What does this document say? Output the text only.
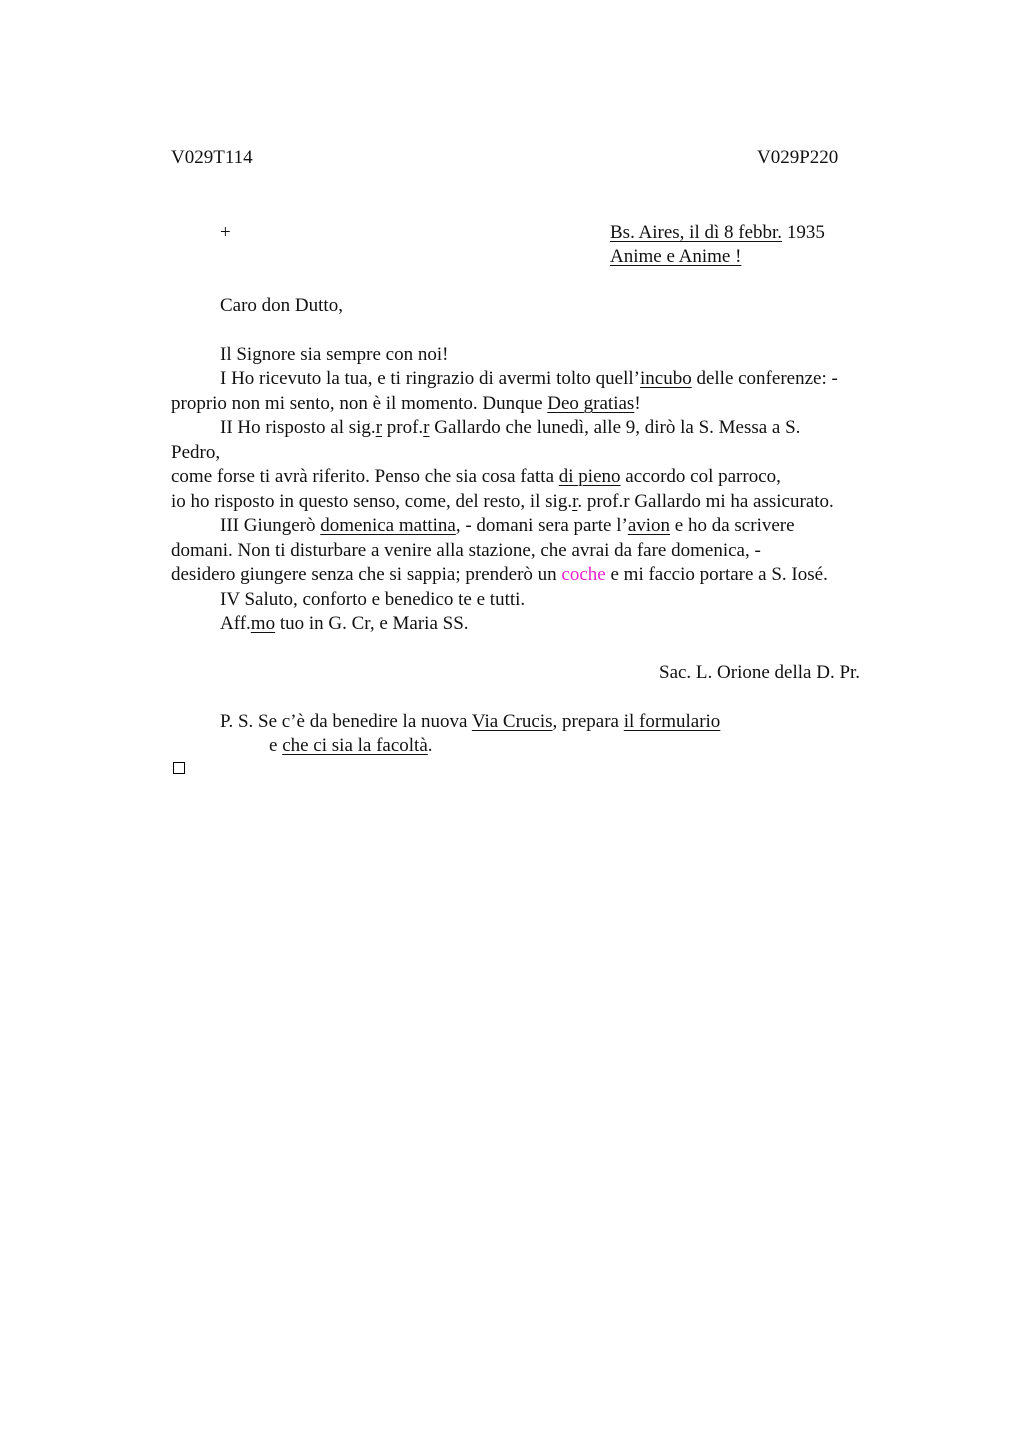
V029T114	V029P220
+	Bs. Aires, il dì 8 febbr. 1935
Anime e Anime !
Caro don Dutto,
Il Signore sia sempre con noi!
I Ho ricevuto la tua, e ti ringrazio di avermi tolto quell’incubo delle conferenze: -
proprio non mi sento, non è il momento. Dunque Deo gratias!
II Ho risposto al sig.r prof.r Gallardo che lunedì, alle 9, dirò la S. Messa a S.
Pedro,
come forse ti avrà riferito. Penso che sia cosa fatta di pieno accordo col parroco,
io ho risposto in questo senso, come, del resto, il sig.r. prof.r Gallardo mi ha assicurato.
III Giungerò domenica mattina, - domani sera parte l’avion e ho da scrivere
domani. Non ti disturbare a venire alla stazione, che avrai da fare domenica, -
desidero giungere senza che si sappia; prenderò un coche e mi faccio portare a S. Iosé.
IV Saluto, conforto e benedico te e tutti.
Aff.mo tuo in G. Cr, e Maria SS.
Sac. L. Orione della D. Pr.
P. S. Se c’è da benedire la nuova Via Crucis, prepara il formulario
e che ci sia la facoltà.
